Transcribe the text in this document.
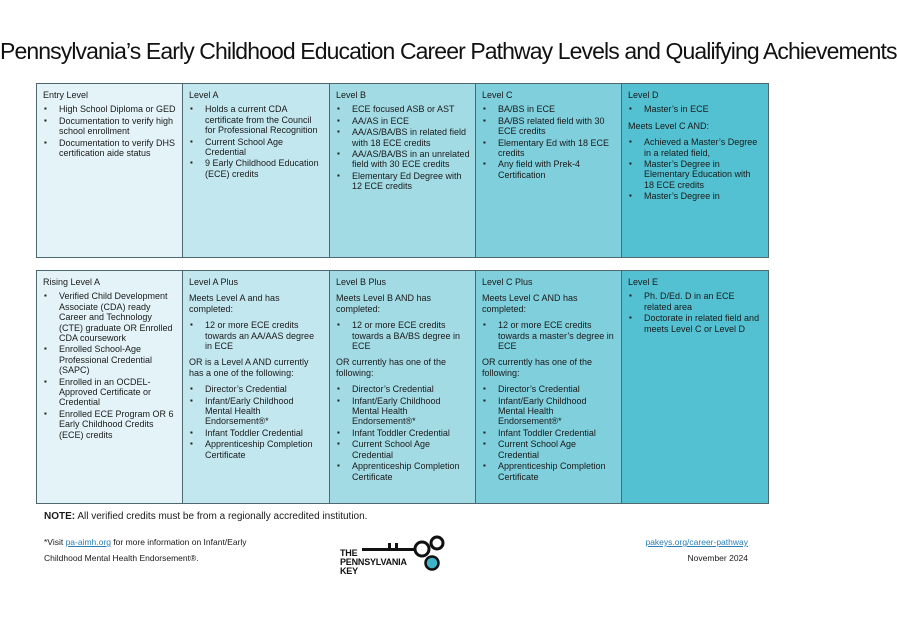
Pennsylvania’s Early Childhood Education Career Pathway Levels and Qualifying Achievements
Entry Level
▪ High School Diploma or GED
▪ Documentation to verify high school enrollment
▪ Documentation to verify DHS certification aide status
Level A
▪ Holds a current CDA certificate from the Council for Professional Recognition
▪ Current School Age Credential
▪ 9 Early Childhood Education (ECE) credits
Level B
▪ ECE focused ASB or AST
▪ AA/AS in ECE
▪ AA/AS/BA/BS in related field with 18 ECE credits
▪ AA/AS/BA/BS in an unrelated field with 30 ECE credits
▪ Elementary Ed Degree with 12 ECE credits
Level C
▪ BA/BS in ECE
▪ BA/BS related field with 30 ECE credits
▪ Elementary Ed with 18 ECE credits
▪ Any field with Prek-4 Certification
Level D
▪ Master’s in ECE
Meets Level C AND:
▪ Achieved a Master’s Degree in a related field,
▪ Master’s Degree in Elementary Education with 18 ECE credits
▪ Master’s Degree in
Rising Level A
▪ Verified Child Development Associate (CDA) ready Career and Technology (CTE) graduate OR Enrolled CDA coursework
▪ Enrolled School-Age Professional Credential (SAPC)
▪ Enrolled in an OCDEL-Approved Certificate or Credential
▪ Enrolled ECE Program OR 6 Early Childhood Credits (ECE) credits
Level A Plus
Meets Level A and has completed:
▪ 12 or more ECE credits towards an AA/AAS degree in ECE
OR is a Level A AND currently has a one of the following:
▪ Director’s Credential
▪ Infant/Early Childhood Mental Health Endorsement®*
▪ Infant Toddler Credential
▪ Apprenticeship Completion Certificate
Level B Plus
Meets Level B AND has completed:
▪ 12 or more ECE credits towards a BA/BS degree in ECE
OR currently has one of the following:
▪ Director’s Credential
▪ Infant/Early Childhood Mental Health Endorsement®*
▪ Infant Toddler Credential
▪ Current School Age Credential
▪ Apprenticeship Completion Certificate
Level C Plus
Meets Level C AND has completed:
▪ 12 or more ECE credits towards a master’s degree in ECE
OR currently has one of the following:
▪ Director’s Credential
▪ Infant/Early Childhood Mental Health Endorsement®*
▪ Infant Toddler Credential
▪ Current School Age Credential
▪ Apprenticeship Completion Certificate
Level E
▪ Ph. D/Ed. D in an ECE related area
▪ Doctorate in related field and meets Level C or Level D
NOTE: All verified credits must be from a regionally accredited institution.
*Visit pa-aimh.org for more information on Infant/Early
Childhood Mental Health Endorsement®.	THE
PENNSYLVANIA
KEY
pakeys.org/career-pathway
November 2024
